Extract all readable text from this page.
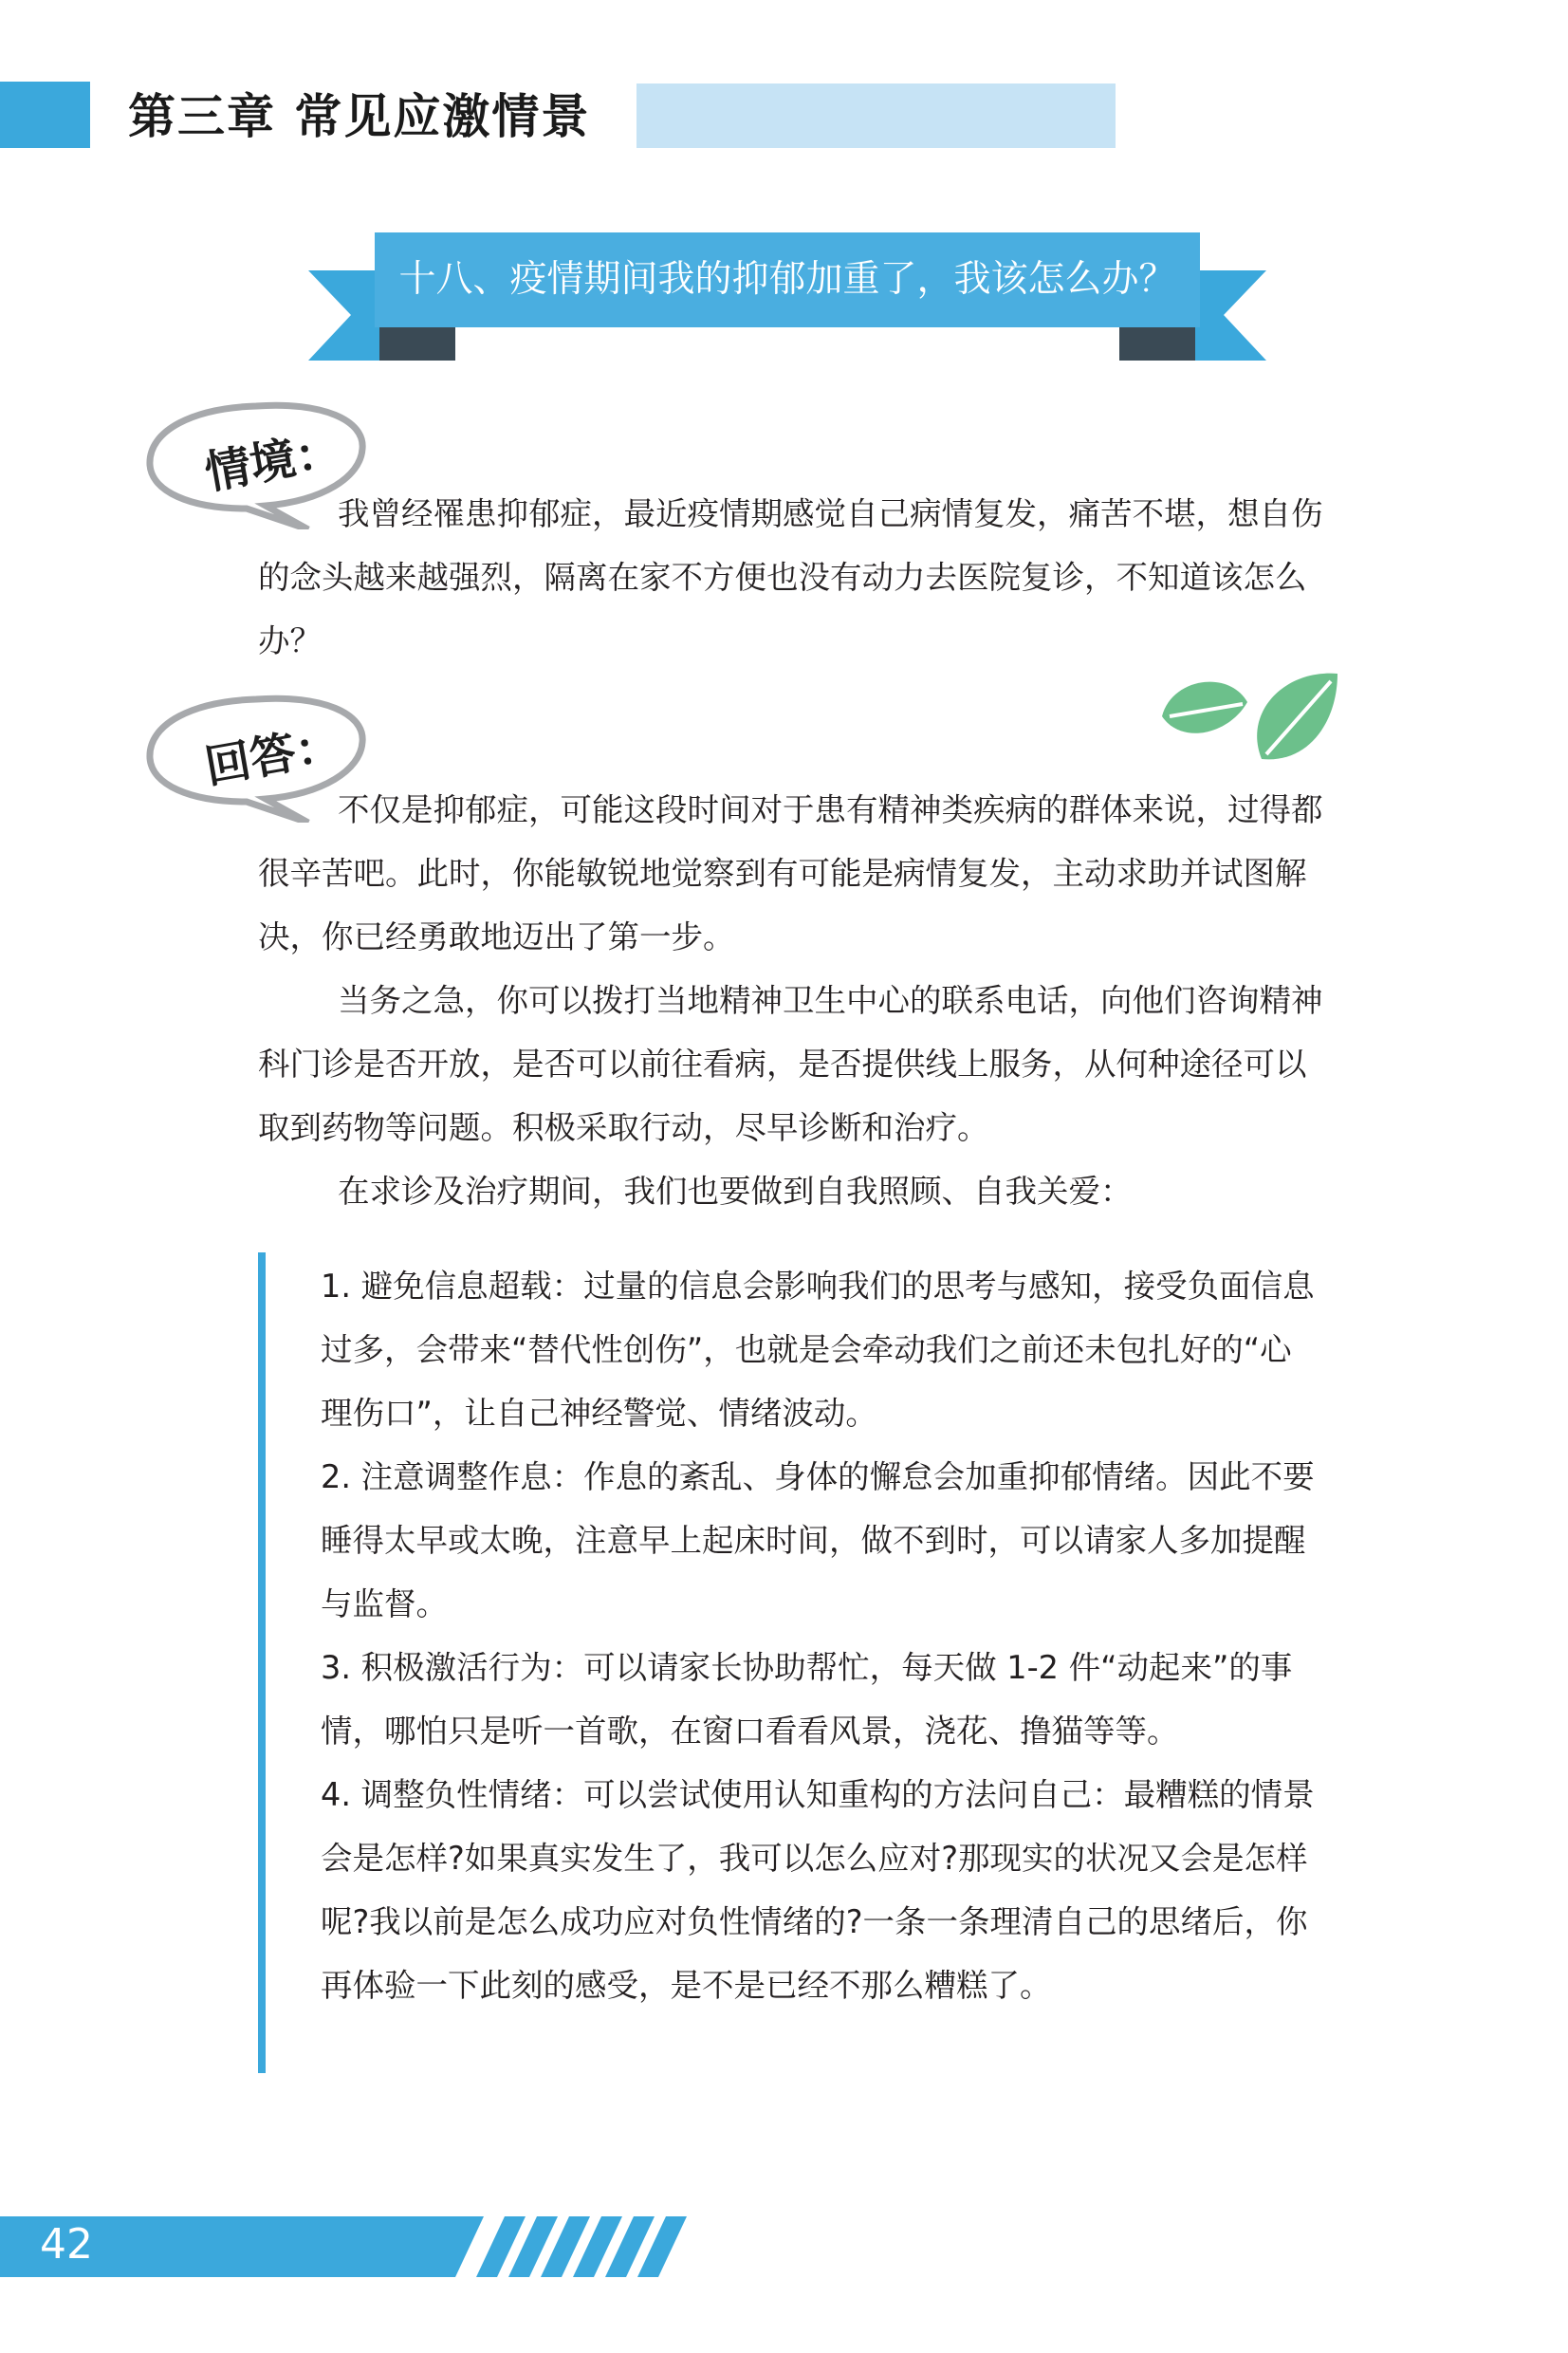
第三章 常见应激情景
十八、疫情期间我的抑郁加重了，我该怎么办？
情境：

我曾经罹患抑郁症，最近疫情期感觉自己病情复发，痛苦不堪，想自伤的念头越来越强烈，隔离在家不方便也没有动力去医院复诊，不知道该怎么办？

回答：

不仅是抑郁症，可能这段时间对于患有精神类疾病的群体来说，过得都很辛苦吧。此时，你能敏锐地觉察到有可能是病情复发，主动求助并试图解决，你已经勇敢地迈出了第一步。

当务之急，你可以拨打当地精神卫生中心的联系电话，向他们咨询精神科门诊是否开放，是否可以前往看病，是否提供线上服务，从何种途径可以取到药物等问题。积极采取行动，尽早诊断和治疗。

在求诊及治疗期间，我们也要做到自我照顾、自我关爱：

1. 避免信息超载：过量的信息会影响我们的思考与感知，接受负面信息过多，会带来“替代性创伤”，也就是会牵动我们之前还未包扎好的“心理伤口”，让自己神经警觉、情绪波动。

2. 注意调整作息：作息的紊乱、身体的懈怠会加重抑郁情绪。因此不要睡得太早或太晚，注意早上起床时间，做不到时，可以请家人多加提醒与监督。

3. 积极激活行为：可以请家长协助帮忙，每天做 1-2 件“动起来”的事情，哪怕只是听一首歌，在窗口看看风景，浇花、撸猫等等。

4. 调整负性情绪：可以尝试使用认知重构的方法问自己：最糟糕的情景会是怎样?如果真实发生了，我可以怎么应对?那现实的状况又会是怎样呢?我以前是怎么成功应对负性情绪的?一条一条理清自己的思绪后，你再体验一下此刻的感受，是不是已经不那么糟糕了。

42
